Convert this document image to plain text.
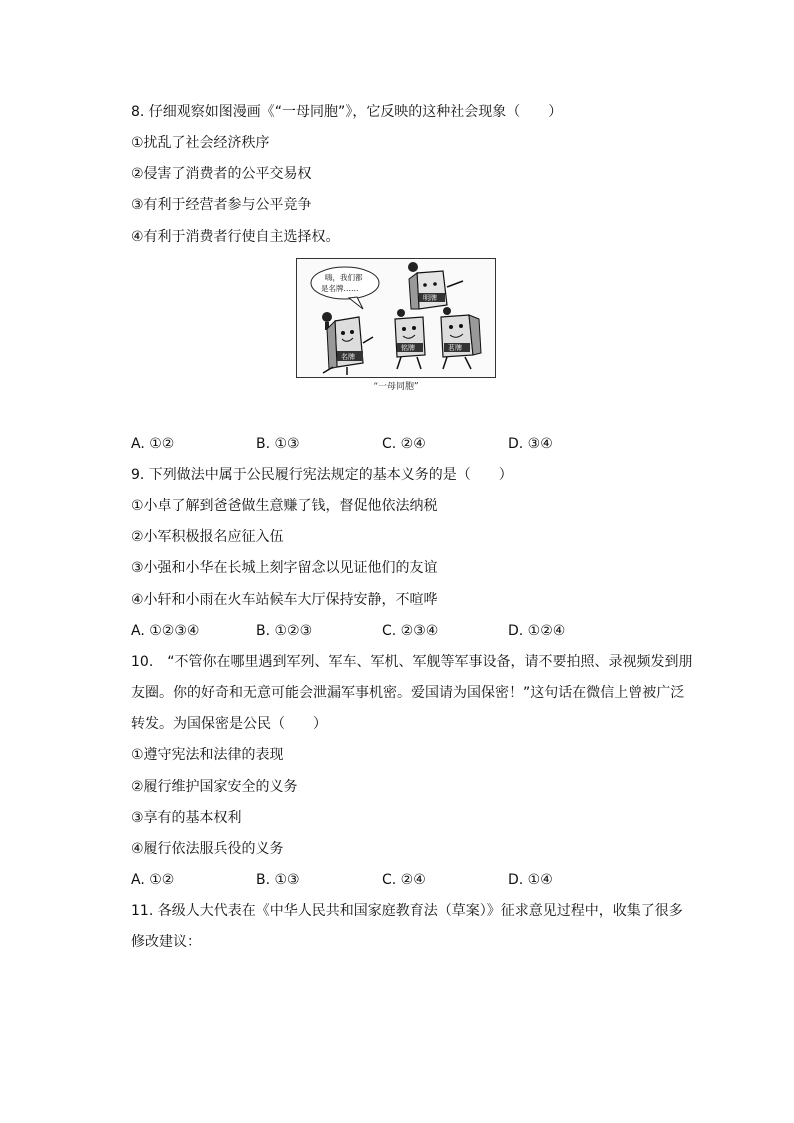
8. 仔细观察如图漫画《“一母同胞”》，它反映的这种社会现象（　　）
①扰乱了社会经济秩序
②侵害了消费者的公平交易权
③有利于经营者参与公平竞争
④有利于消费者行使自主选择权。
嗨，我们都
是名牌……
名牌
明牌
铭牌	茗牌
“一母同胞”
A. ①②	B. ①③	C. ②④	D. ③④
9. 下列做法中属于公民履行宪法规定的基本义务的是（　　）
①小卓了解到爸爸做生意赚了钱，督促他依法纳税
②小军积极报名应征入伍
③小强和小华在长城上刻字留念以见证他们的友谊
④小轩和小雨在火车站候车大厅保持安静，不喧哗
A. ①②③④	B. ①②③	C. ②③④	D. ①②④
10.　“不管你在哪里遇到军列、军车、军机、军舰等军事设备，请不要拍照、录视频发到朋
友圈。你的好奇和无意可能会泄漏军事机密。爱国请为国保密！”这句话在微信上曾被广泛
转发。为国保密是公民（　　）
①遵守宪法和法律的表现
②履行维护国家安全的义务
③享有的基本权利
④履行依法服兵役的义务
A. ①②	B. ①③	C. ②④	D. ①④
11. 各级人大代表在《中华人民共和国家庭教育法（草案）》征求意见过程中，收集了很多
修改建议：
